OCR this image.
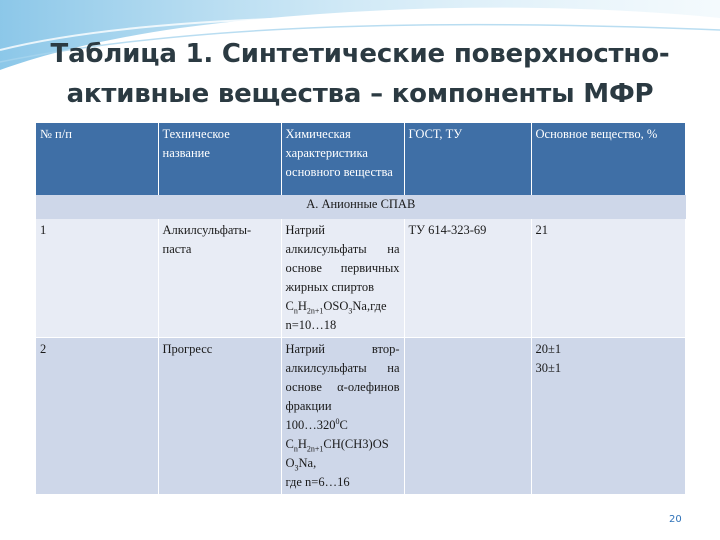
Таблица 1. Синтетические поверхностно-
активные вещества – компоненты МФР
№ п/п	Техническое название	Химическая характеристика основного вещества	ГОСТ, ТУ	Основное вещество, %
А. Анионные СПАВ				
1	Алкилсульфаты-паста	Натрий алкилсульфаты на основе первичных жирных спиртов
$C_nH_{2n+1}OSO_3Na,где$
n=10…18	ТУ 614-323-69	21
2	Прогресс	Натрий втор-алкилсульфаты на основе α-олефинов фракции
$100\dots 320^0C$
$C_nH_{2n+1}CH(CH3)OS$
$O_3Na$,
где n=6…16		20±1
30±1
20
